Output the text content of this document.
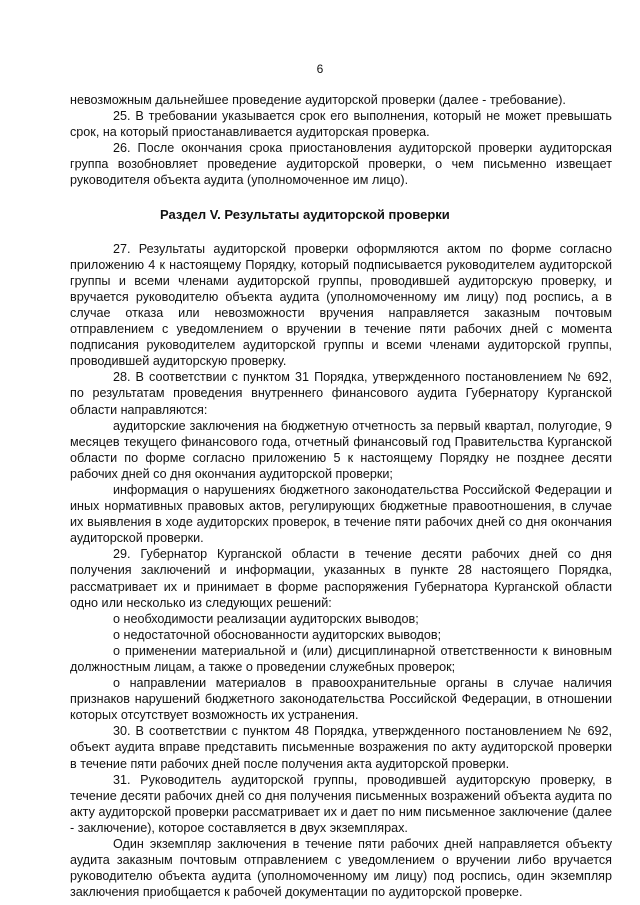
6

невозможным дальнейшее проведение аудиторской проверки (далее - требование).

25. В требовании указывается срок его выполнения, который не может превышать срок, на который приостанавливается аудиторская проверка.

26. После окончания срока приостановления аудиторской проверки аудиторская группа возобновляет проведение аудиторской проверки, о чем письменно извещает руководителя объекта аудита (уполномоченное им лицо).

Раздел V. Результаты аудиторской проверки

27. Результаты аудиторской проверки оформляются актом по форме согласно приложению 4 к настоящему Порядку, который подписывается руководителем аудиторской группы и всеми членами аудиторской группы, проводившей аудиторскую проверку, и вручается руководителю объекта аудита (уполномоченному им лицу) под роспись, а в случае отказа или невозможности вручения направляется заказным почтовым отправлением с уведомлением о вручении в течение пяти рабочих дней с момента подписания руководителем аудиторской группы и всеми членами аудиторской группы, проводившей аудиторскую проверку.

28. В соответствии с пунктом 31 Порядка, утвержденного постановлением № 692, по результатам проведения внутреннего финансового аудита Губернатору Курганской области направляются:

аудиторские заключения на бюджетную отчетность за первый квартал, полугодие, 9 месяцев текущего финансового года, отчетный финансовый год Правительства Курганской области по форме согласно приложению 5 к настоящему Порядку не позднее десяти рабочих дней со дня окончания аудиторской проверки;

информация о нарушениях бюджетного законодательства Российской Федерации и иных нормативных правовых актов, регулирующих бюджетные правоотношения, в случае их выявления в ходе аудиторских проверок, в течение пяти рабочих дней со дня окончания аудиторской проверки.

29. Губернатор Курганской области в течение десяти рабочих дней со дня получения заключений и информации, указанных в пункте 28 настоящего Порядка, рассматривает их и принимает в форме распоряжения Губернатора Курганской области одно или несколько из следующих решений:

о необходимости реализации аудиторских выводов;

о недостаточной обоснованности аудиторских выводов;

о применении материальной и (или) дисциплинарной ответственности к виновным должностным лицам, а также о проведении служебных проверок;

о направлении материалов в правоохранительные органы в случае наличия признаков нарушений бюджетного законодательства Российской Федерации, в отношении которых отсутствует возможность их устранения.

30. В соответствии с пунктом 48 Порядка, утвержденного постановлением № 692, объект аудита вправе представить письменные возражения по акту аудиторской проверки в течение пяти рабочих дней после получения акта аудиторской проверки.

31. Руководитель аудиторской группы, проводившей аудиторскую проверку, в течение десяти рабочих дней со дня получения письменных возражений объекта аудита по акту аудиторской проверки рассматривает их и дает по ним письменное заключение (далее - заключение), которое составляется в двух экземплярах.

Один экземпляр заключения в течение пяти рабочих дней направляется объекту аудита заказным почтовым отправлением с уведомлением о вручении либо вручается руководителю объекта аудита (уполномоченному им лицу) под роспись, один экземпляр заключения приобщается к рабочей документации по аудиторской проверке.
